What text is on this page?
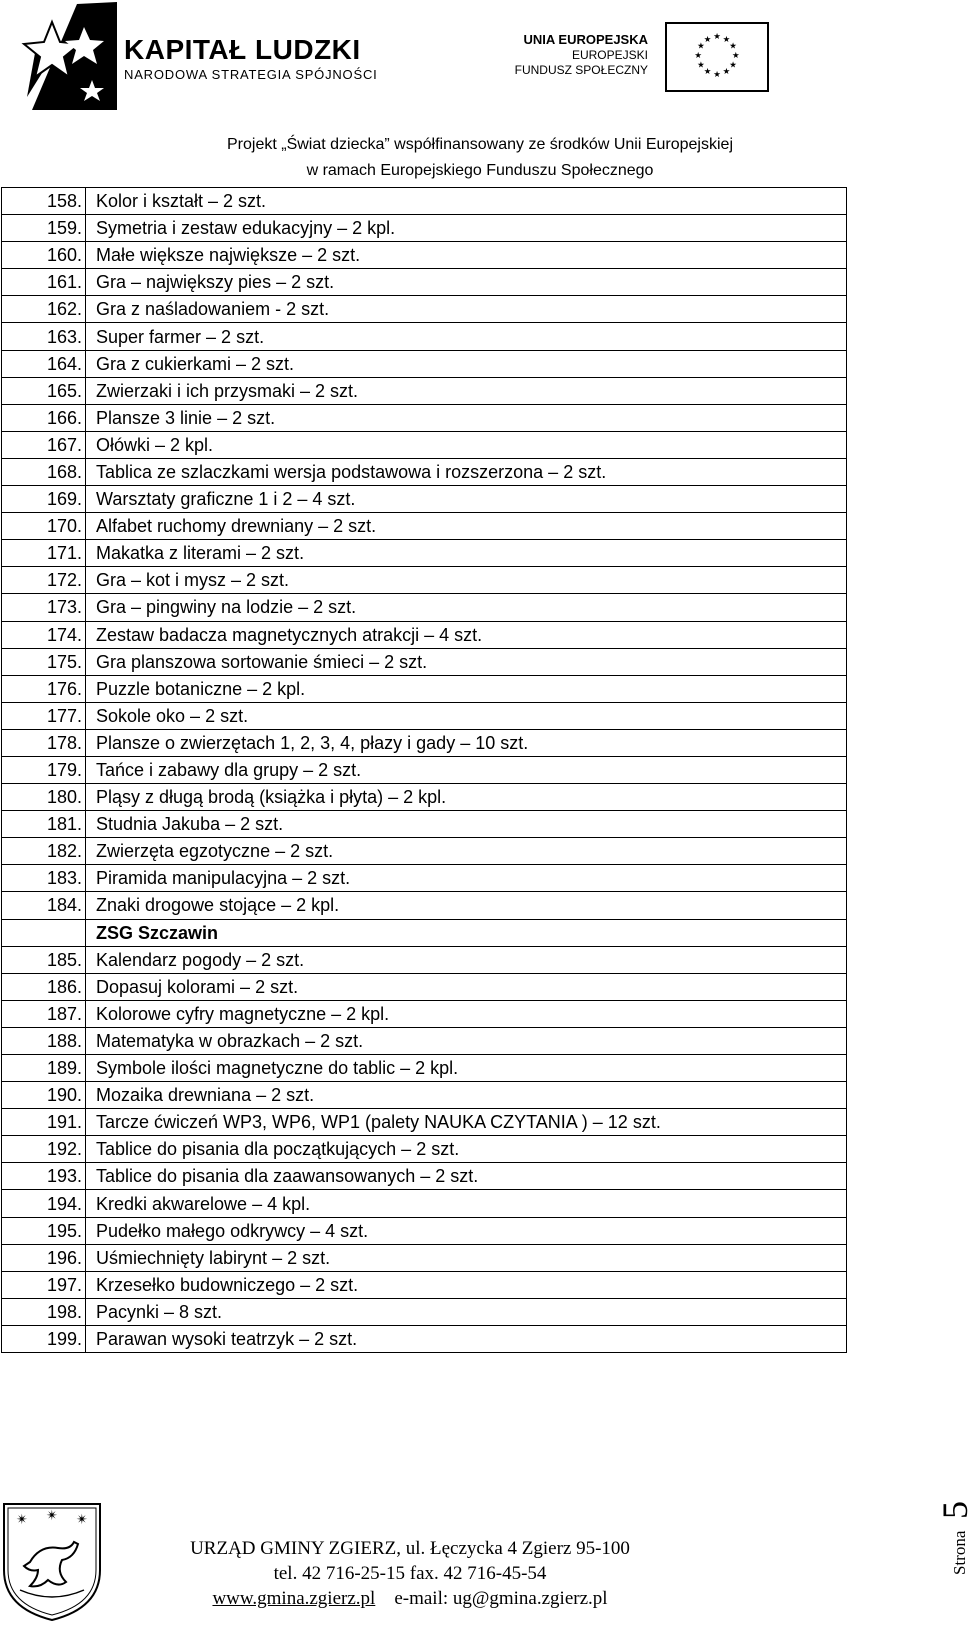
KAPITAŁ LUDZKI
NARODOWA STRATEGIA SPÓJNOŚCI
UNIA EUROPEJSKA
EUROPEJSKI
FUNDUSZ SPOŁECZNY
★ ★
★
★
★
★
★
★
★
★
★
★
Projekt „Świat dziecka” współfinansowany ze środków Unii Europejskiej
w ramach Europejskiego Funduszu Społecznego
158.	Kolor i kształt – 2 szt.
159.	Symetria i zestaw edukacyjny – 2 kpl.
160.	Małe większe największe – 2 szt.
161.	Gra – największy pies – 2 szt.
162.	Gra z naśladowaniem - 2 szt.
163.	Super farmer – 2 szt.
164.	Gra z cukierkami – 2 szt.
165.	Zwierzaki i ich przysmaki – 2 szt.
166.	Plansze 3 linie – 2 szt.
167.	Ołówki – 2 kpl.
168.	Tablica ze szlaczkami wersja podstawowa i rozszerzona – 2 szt.
169.	Warsztaty graficzne 1 i 2 – 4 szt.
170.	Alfabet ruchomy drewniany – 2 szt.
171.	Makatka z literami – 2 szt.
172.	Gra – kot i mysz – 2 szt.
173.	Gra – pingwiny na lodzie – 2 szt.
174.	Zestaw badacza magnetycznych atrakcji – 4 szt.
175.	Gra planszowa sortowanie śmieci – 2 szt.
176.	Puzzle botaniczne – 2 kpl.
177.	Sokole oko – 2 szt.
178.	Plansze o zwierzętach 1, 2, 3, 4, płazy i gady – 10 szt.
179.	Tańce i zabawy dla grupy – 2 szt.
180.	Pląsy z długą brodą (książka i płyta) – 2 kpl.
181.	Studnia Jakuba – 2 szt.
182.	Zwierzęta egzotyczne – 2 szt.
183.	Piramida manipulacyjna – 2 szt.
184.	Znaki drogowe stojące – 2 kpl.
	ZSG Szczawin
185.	Kalendarz pogody – 2 szt.
186.	Dopasuj kolorami – 2 szt.
187.	Kolorowe cyfry magnetyczne – 2 kpl.
188.	Matematyka w obrazkach – 2 szt.
189.	Symbole ilości magnetyczne do tablic – 2 kpl.
190.	Mozaika drewniana – 2 szt.
191.	Tarcze ćwiczeń WP3, WP6, WP1 (palety NAUKA CZYTANIA ) – 12 szt.
192.	Tablice do pisania dla początkujących – 2 szt.
193.	Tablice do pisania dla zaawansowanych – 2 szt.
194.	Kredki akwarelowe – 4 kpl.
195.	Pudełko małego odkrywcy – 4 szt.
196.	Uśmiechnięty labirynt – 2 szt.
197.	Krzesełko budowniczego – 2 szt.
198.	Pacynki – 8 szt.
199.	Parawan wysoki teatrzyk – 2 szt.
Strona
5
✴ ✴ ✴
URZĄD GMINY ZGIERZ, ul. Łęczycka 4 Zgierz 95-100
tel. 42 716-25-15 fax. 42 716-45-54
www.gmina.zgierz.pl e-mail: ug@gmina.zgierz.pl
